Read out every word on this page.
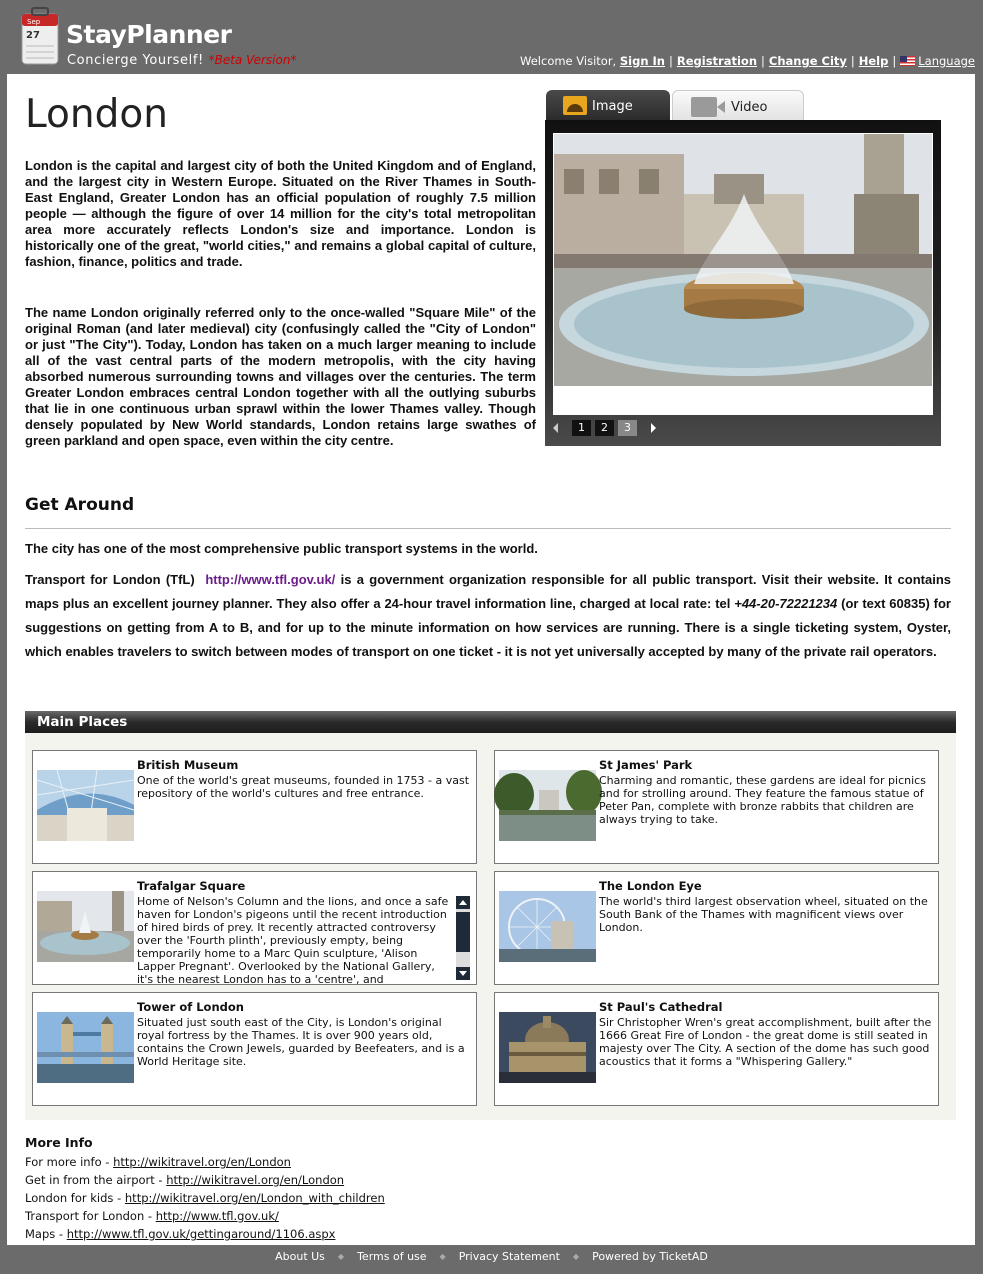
Sep
27 StayPlanner
Concierge Yourself! *Beta Version*	Welcome Visitor, Sign In | Registration | Change City | Help | Language
London

London is the capital and largest city of both the United Kingdom and of England, and the largest city in Western Europe. Situated on the River Thames in South-East England, Greater London has an official population of roughly 7.5 million people — although the figure of over 14 million for the city's total metropolitan area more accurately reflects London's size and importance. London is historically one of the great, "world cities," and remains a global capital of culture, fashion, finance, politics and trade.

The name London originally referred only to the once-walled "Square Mile" of the original Roman (and later medieval) city (confusingly called the "City of London" or just "The City"). Today, London has taken on a much larger meaning to include all of the vast central parts of the modern metropolis, with the city having absorbed numerous surrounding towns and villages over the centuries. The term Greater London embraces central London together with all the outlying suburbs that lie in one continuous urban sprawl within the lower Thames valley. Though densely populated by New World standards, London retains large swathes of green parkland and open space, even within the city centre.

Image	Video
1	2	3
Get Around

The city has one of the most comprehensive public transport systems in the world.

Transport for London (TfL) http://www.tfl.gov.uk/ is a government organization responsible for all public transport. Visit their website. It contains maps plus an excellent journey planner. They also offer a 24-hour travel information line, charged at local rate: tel +44-20-72221234 (or text 60835) for suggestions on getting from A to B, and for up to the minute information on how services are running. There is a single ticketing system, Oyster, which enables travelers to switch between modes of transport on one ticket - it is not yet universally accepted by many of the private rail operators.

Main Places
British Museum
One of the world's great museums, founded in 1753 - a vast repository of the world's cultures and free entrance.
St James' Park
Charming and romantic, these gardens are ideal for picnics and for strolling around. They feature the famous statue of Peter Pan, complete with bronze rabbits that children are always trying to take.
Trafalgar Square
Home of Nelson's Column and the lions, and once a safe haven for London's pigeons until the recent introduction of hired birds of prey. It recently attracted controversy over the 'Fourth plinth', previously empty, being temporarily home to a Marc Quin sculpture, 'Alison Lapper Pregnant'. Overlooked by the National Gallery, it's the nearest London has to a 'centre', and
The London Eye
The world's third largest observation wheel, situated on the South Bank of the Thames with magnificent views over London.
Tower of London
Situated just south east of the City, is London's original royal fortress by the Thames. It is over 900 years old, contains the Crown Jewels, guarded by Beefeaters, and is a World Heritage site.
St Paul's Cathedral
Sir Christopher Wren's great accomplishment, built after the 1666 Great Fire of London - the great dome is still seated in majesty over The City. A section of the dome has such good acoustics that it forms a "Whispering Gallery."
More Info
For more info - http://wikitravel.org/en/London
Get in from the airport - http://wikitravel.org/en/London
London for kids - http://wikitravel.org/en/London_with_children
Transport for London - http://www.tfl.gov.uk/
Maps - http://www.tfl.gov.uk/gettingaround/1106.aspx
About Us ◆ Terms of use ◆ Privacy Statement ◆ Powered by TicketAD
